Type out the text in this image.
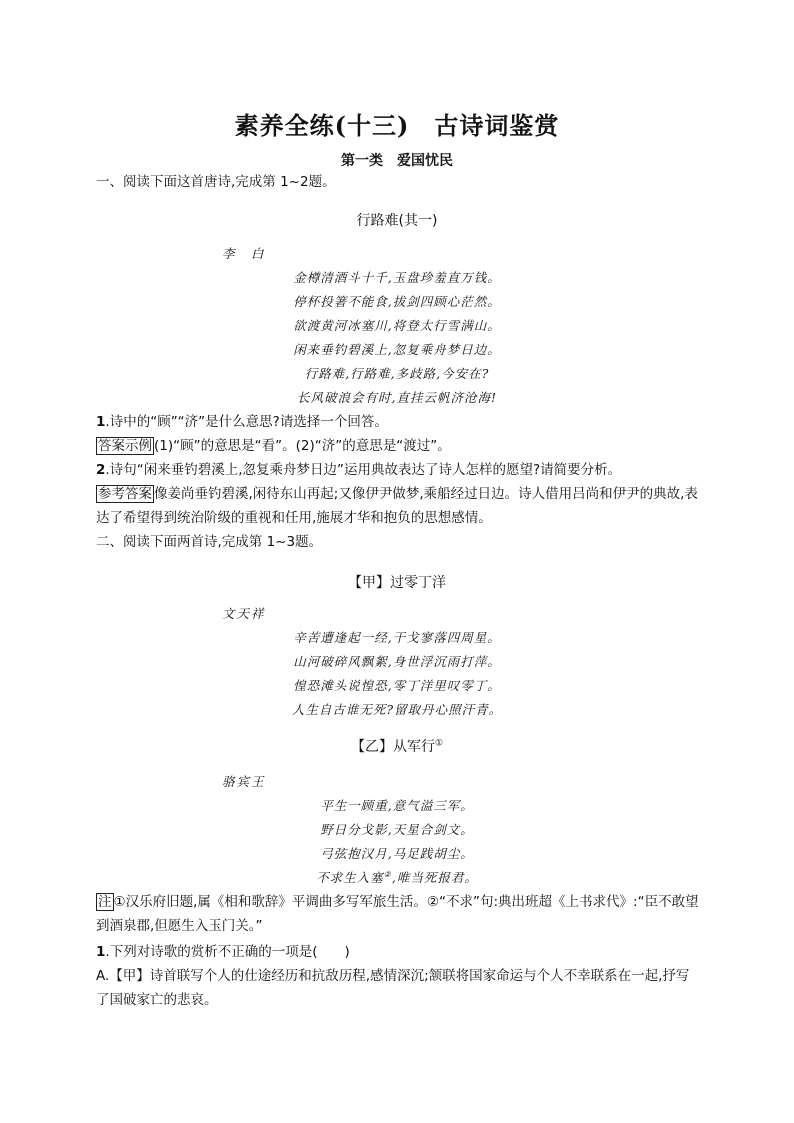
素养全练(十三)　古诗词鉴赏
第一类　爱国忧民
一、阅读下面这首唐诗,完成第 1~2题。
行路难(其一)
李　白
金樽清酒斗十千,玉盘珍羞直万钱。
停杯投箸不能食,拔剑四顾心茫然。
欲渡黄河冰塞川,将登太行雪满山。
闲来垂钓碧溪上,忽复乘舟梦日边。
行路难,行路难,多歧路,今安在?
长风破浪会有时,直挂云帆济沧海!
1.诗中的“顾”“济”是什么意思?请选择一个回答。
答案示例 (1)“顾”的意思是“看”。(2)“济”的意思是“渡过”。
2.诗句“闲来垂钓碧溪上,忽复乘舟梦日边”运用典故表达了诗人怎样的愿望?请简要分析。
参考答案 像姜尚垂钓碧溪,闲待东山再起;又像伊尹做梦,乘船经过日边。诗人借用吕尚和伊尹的典故,表达了希望得到统治阶级的重视和任用,施展才华和抱负的思想感情。
二、阅读下面两首诗,完成第 1~3题。
【甲】过零丁洋
文天祥
辛苦遭逢起一经,干戈寥落四周星。
山河破碎风飘絮,身世浮沉雨打萍。
惶恐滩头说惶恐,零丁洋里叹零丁。
人生自古谁无死?留取丹心照汗青。
【乙】从军行①
骆宾王
平生一顾重,意气溢三军。
野日分戈影,天星合剑文。
弓弦抱汉月,马足践胡尘。
不求生入塞②,唯当死报君。
注 ①汉乐府旧题,属《相和歌辞》平调曲多写军旅生活。②“不求”句:典出班超《上书求代》:“臣不敢望到酒泉郡,但愿生入玉门关。”
1.下列对诗歌的赏析不正确的一项是(　　)
A.【甲】诗首联写个人的仕途经历和抗敌历程,感情深沉;颔联将国家命运与个人不幸联系在一起,抒写了国破家亡的悲哀。
